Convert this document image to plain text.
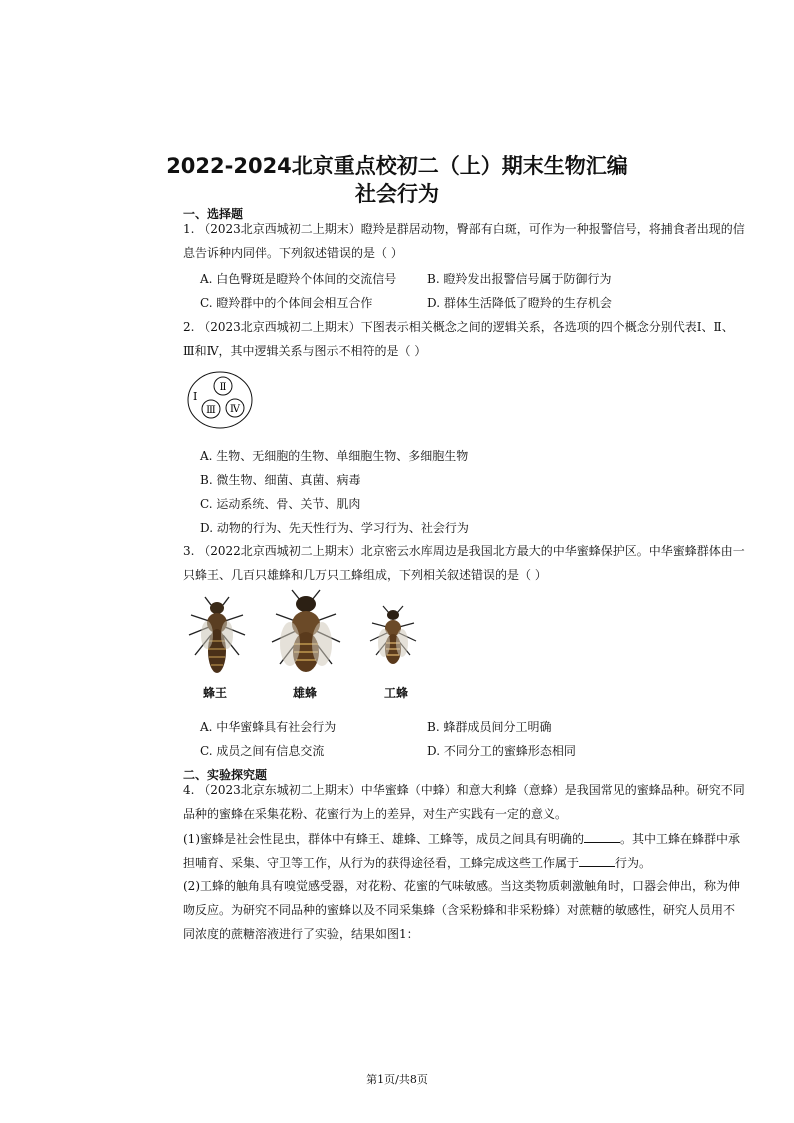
2022-2024北京重点校初二（上）期末生物汇编
社会行为
一、选择题
1. （2023北京西城初二上期末）瞪羚是群居动物，臀部有白斑，可作为一种报警信号，将捕食者出现的信
息告诉种内同伴。下列叙述错误的是（ ）
A. 白色臀斑是瞪羚个体间的交流信号	B. 瞪羚发出报警信号属于防御行为
C. 瞪羚群中的个体间会相互合作	D. 群体生活降低了瞪羚的生存机会
2. （2023北京西城初二上期末）下图表示相关概念之间的逻辑关系，各选项的四个概念分别代表Ⅰ、Ⅱ、
Ⅲ和Ⅳ，其中逻辑关系与图示不相符的是（ ）
Ⅰ
Ⅱ
Ⅲ Ⅳ
A. 生物、无细胞的生物、单细胞生物、多细胞生物
B. 微生物、细菌、真菌、病毒
C. 运动系统、骨、关节、肌肉
D. 动物的行为、先天性行为、学习行为、社会行为
3. （2022北京西城初二上期末）北京密云水库周边是我国北方最大的中华蜜蜂保护区。中华蜜蜂群体由一
只蜂王、几百只雄蜂和几万只工蜂组成，下列相关叙述错误的是（ ）
蜂王	雄蜂	工蜂
A. 中华蜜蜂具有社会行为	B. 蜂群成员间分工明确
C. 成员之间有信息交流	D. 不同分工的蜜蜂形态相同
二、实验探究题
4. （2023北京东城初二上期末）中华蜜蜂（中蜂）和意大利蜂（意蜂）是我国常见的蜜蜂品种。研究不同
品种的蜜蜂在采集花粉、花蜜行为上的差异，对生产实践有一定的意义。
(1)蜜蜂是社会性昆虫，群体中有蜂王、雄蜂、工蜂等，成员之间具有明确的	。其中工蜂在蜂群中承
担哺育、采集、守卫等工作，从行为的获得途径看，工蜂完成这些工作属于	行为。
(2)工蜂的触角具有嗅觉感受器，对花粉、花蜜的气味敏感。当这类物质刺激触角时，口器会伸出，称为伸
吻反应。为研究不同品种的蜜蜂以及不同采集蜂（含采粉蜂和非采粉蜂）对蔗糖的敏感性，研究人员用不
同浓度的蔗糖溶液进行了实验，结果如图1：
第1页/共8页
